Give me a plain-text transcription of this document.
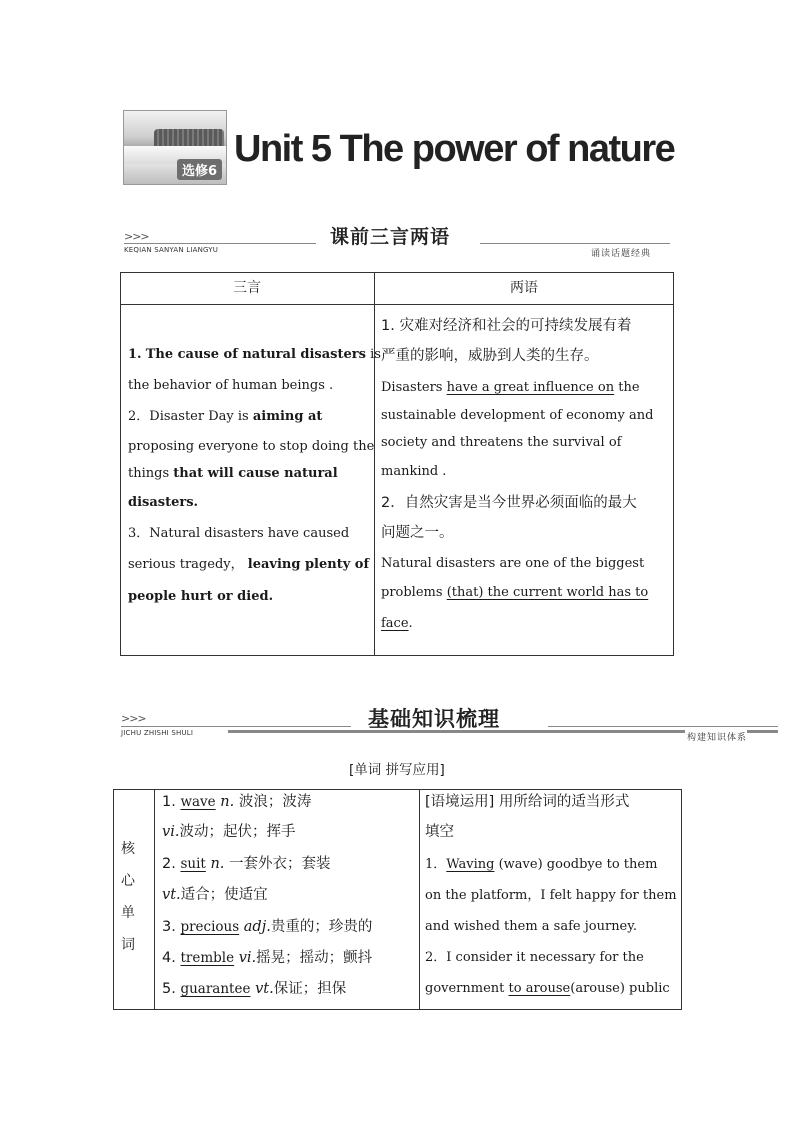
选修6
Unit 5 The power of nature
>>>
KEQIAN SANYAN LIANGYU
课前三言两语
诵读话题经典
三言	两语
1. The cause of natural disasters is
the behavior of human beings .
2．Disaster Day is aiming at
proposing everyone to stop doing the
things that will cause natural
disasters.
3．Natural disasters have caused
serious tragedy， leaving plenty of
people hurt or died.
1. 灾难对经济和社会的可持续发展有着
严重的影响，威胁到人类的生存。
Disasters have a great influence on the
sustainable development of economy and
society and threatens the survival of
mankind .
2．自然灾害是当今世界必须面临的最大
问题之一。
Natural disasters are one of the biggest
problems (that) the current world has to
face.
>>>
JICHU ZHISHI SHULI
基础知识梳理
构建知识体系
[单词 拼写应用]
核
心
单
词
1. wave n. 波浪；波涛
vi.波动；起伏；挥手
2. suit n. 一套外衣；套装
vt.适合；使适宜
3. precious adj.贵重的；珍贵的
4. tremble vi.摇晃；摇动；颤抖
5. guarantee vt.保证；担保
[语境运用] 用所给词的适当形式
填空
1．Waving (wave) goodbye to them
on the platform，I felt happy for them
and wished them a safe journey.
2．I consider it necessary for the
government to arouse(arouse) public
